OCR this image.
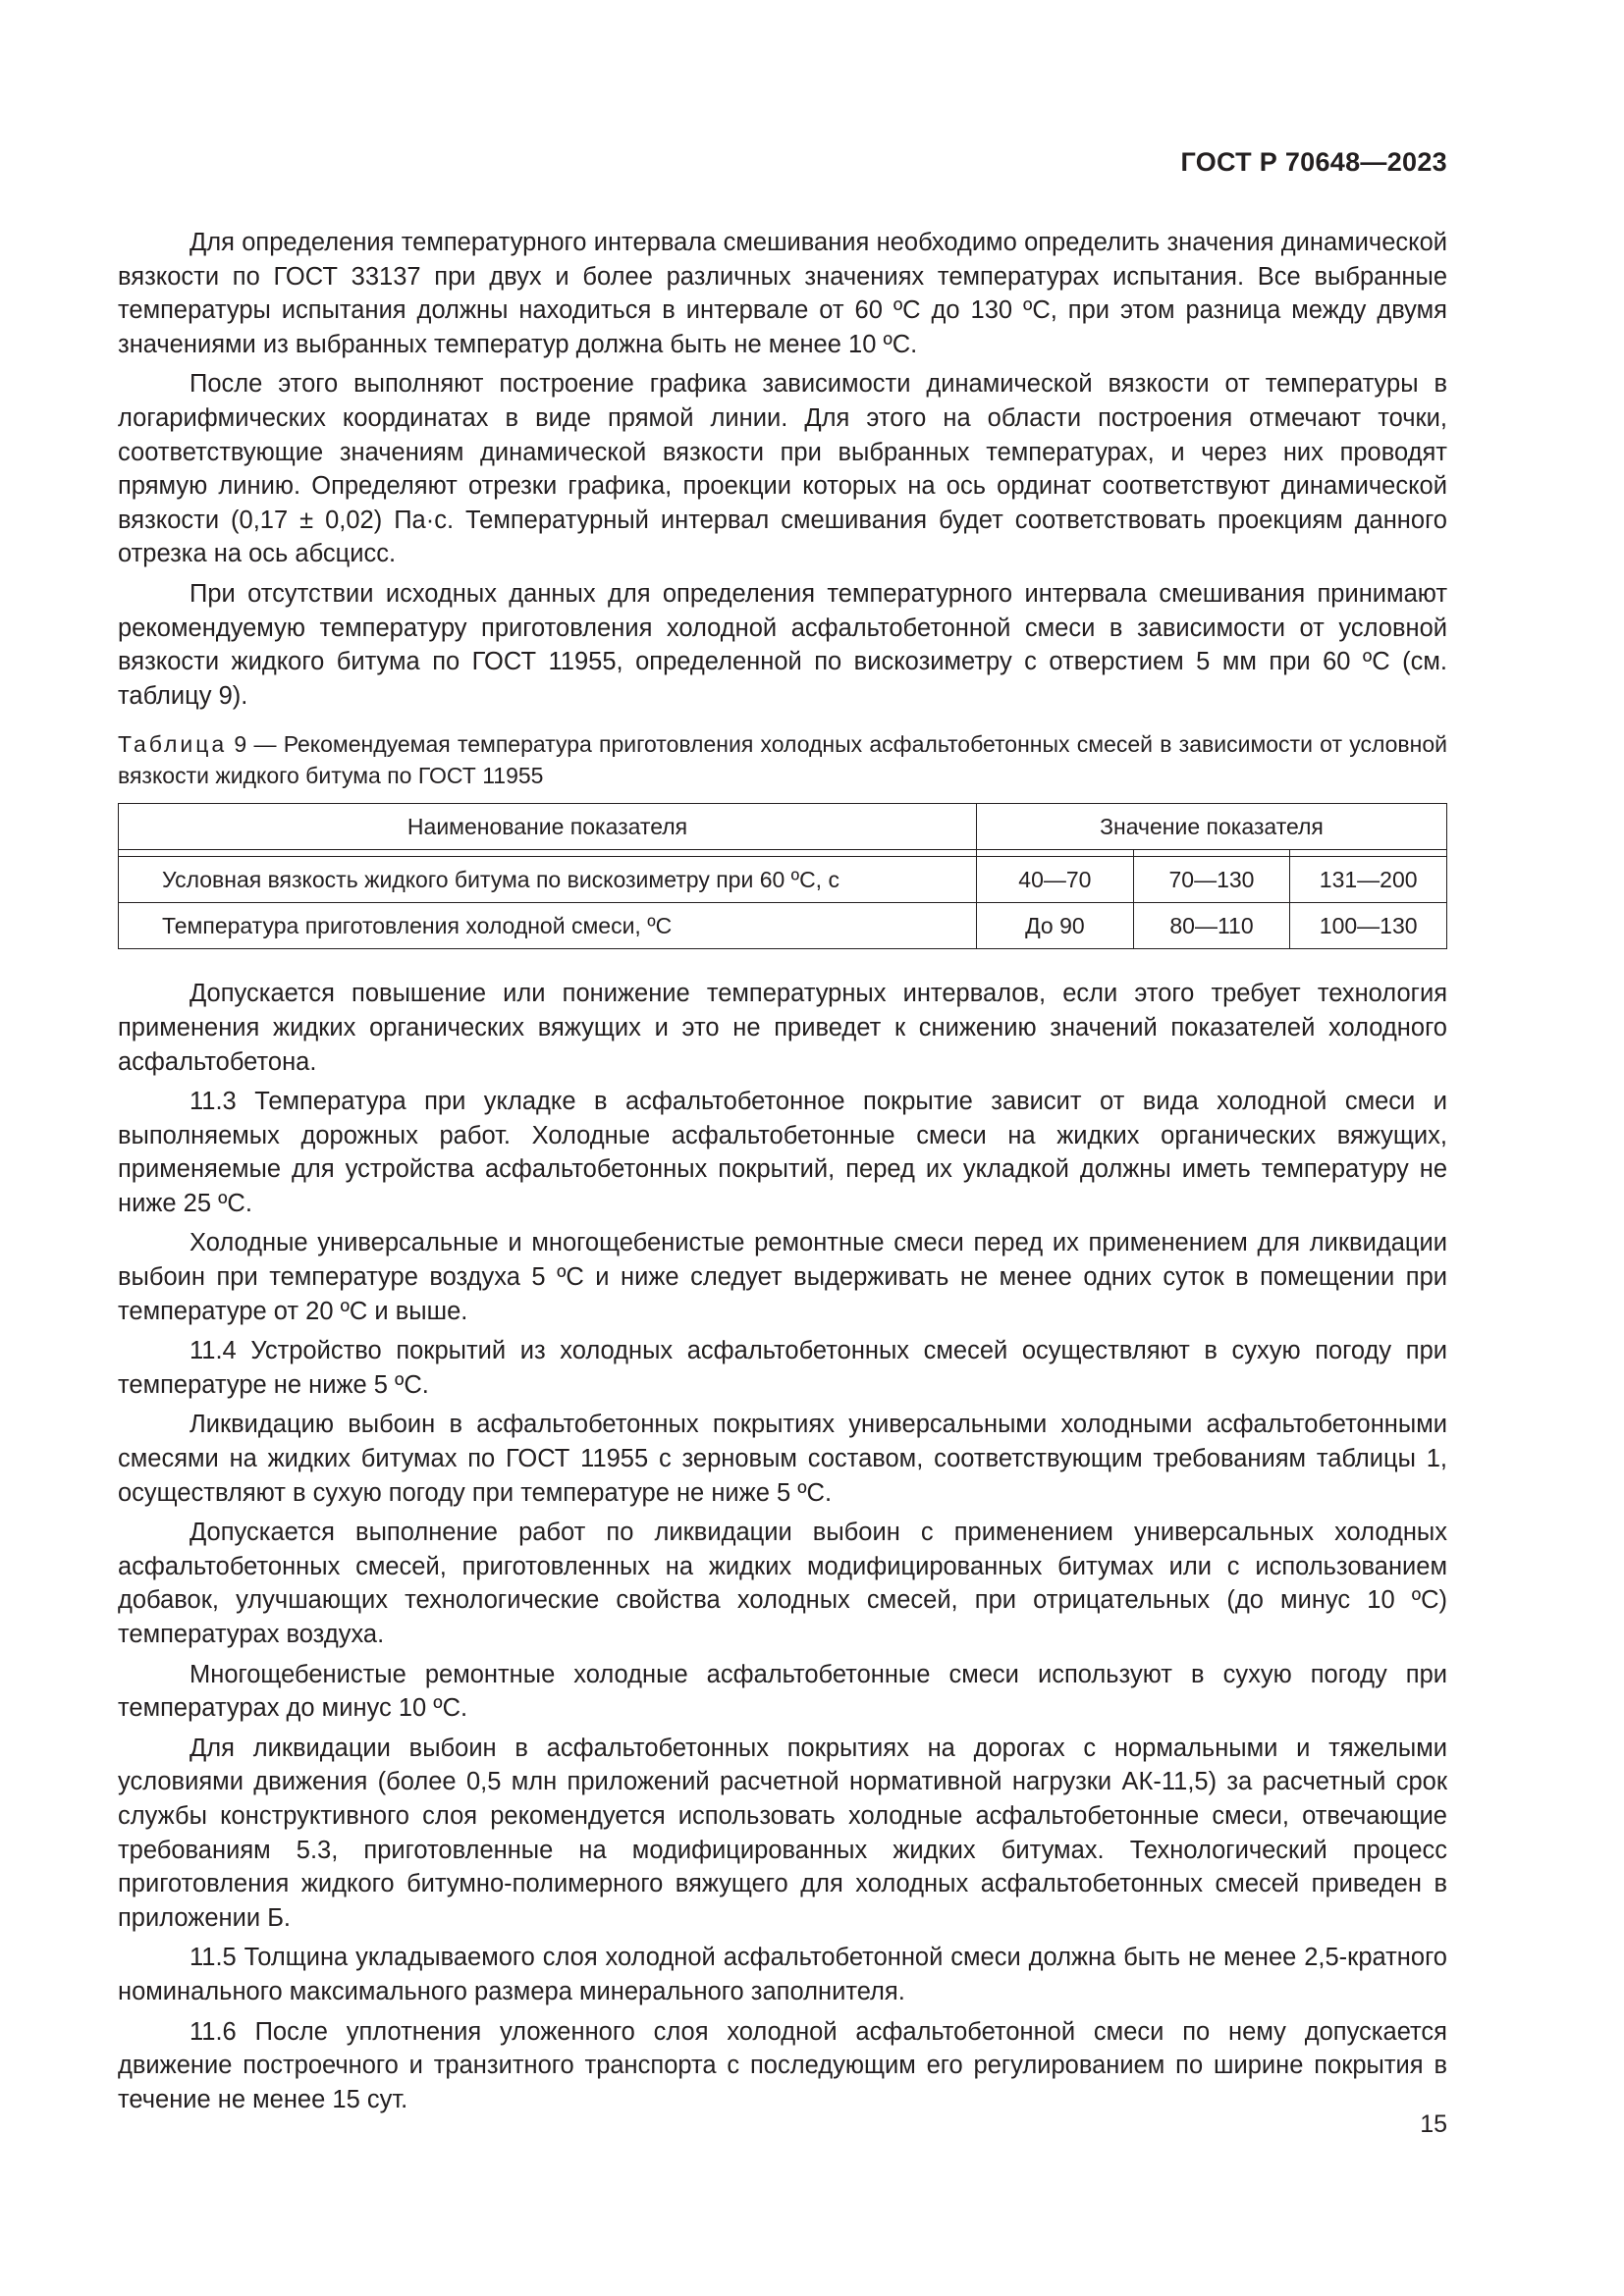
ГОСТ Р 70648—2023

Для определения температурного интервала смешивания необходимо определить значения динамической вязкости по ГОСТ 33137 при двух и более различных значениях температурах испытания. Все выбранные температуры испытания должны находиться в интервале от 60 ºС до 130 ºС, при этом разница между двумя значениями из выбранных температур должна быть не менее 10 ºС.

После этого выполняют построение графика зависимости динамической вязкости от температуры в логарифмических координатах в виде прямой линии. Для этого на области построения отмечают точки, соответствующие значениям динамической вязкости при выбранных температурах, и через них проводят прямую линию. Определяют отрезки графика, проекции которых на ось ординат соответствуют динамической вязкости (0,17 ± 0,02) Па·с. Температурный интервал смешивания будет соответствовать проекциям данного отрезка на ось абсцисс.

При отсутствии исходных данных для определения температурного интервала смешивания принимают рекомендуемую температуру приготовления холодной асфальтобетонной смеси в зависимости от условной вязкости жидкого битума по ГОСТ 11955, определенной по вискозиметру с отверстием 5 мм при 60 ºС (см. таблицу 9).

Таблица 9 — Рекомендуемая температура приготовления холодных асфальтобетонных смесей в зависимости от условной вязкости жидкого битума по ГОСТ 11955
Наименование показателя	Значение показателя		

Условная вязкость жидкого битума по вискозиметру при 60 ºС, с	40—70	70—130	131—200
Температура приготовления холодной смеси, ºС	До 90	80—110	100—130

Допускается повышение или понижение температурных интервалов, если этого требует технология применения жидких органических вяжущих и это не приведет к снижению значений показателей холодного асфальтобетона.

11.3 Температура при укладке в асфальтобетонное покрытие зависит от вида холодной смеси и выполняемых дорожных работ. Холодные асфальтобетонные смеси на жидких органических вяжущих, применяемые для устройства асфальтобетонных покрытий, перед их укладкой должны иметь температуру не ниже 25 ºС.

Холодные универсальные и многощебенистые ремонтные смеси перед их применением для ликвидации выбоин при температуре воздуха 5 ºС и ниже следует выдерживать не менее одних суток в помещении при температуре от 20 ºС и выше.

11.4 Устройство покрытий из холодных асфальтобетонных смесей осуществляют в сухую погоду при температуре не ниже 5 ºС.

Ликвидацию выбоин в асфальтобетонных покрытиях универсальными холодными асфальтобетонными смесями на жидких битумах по ГОСТ 11955 с зерновым составом, соответствующим требованиям таблицы 1, осуществляют в сухую погоду при температуре не ниже 5 ºС.

Допускается выполнение работ по ликвидации выбоин с применением универсальных холодных асфальтобетонных смесей, приготовленных на жидких модифицированных битумах или с использованием добавок, улучшающих технологические свойства холодных смесей, при отрицательных (до минус 10 ºС) температурах воздуха.

Многощебенистые ремонтные холодные асфальтобетонные смеси используют в сухую погоду при температурах до минус 10 ºС.

Для ликвидации выбоин в асфальтобетонных покрытиях на дорогах с нормальными и тяжелыми условиями движения (более 0,5 млн приложений расчетной нормативной нагрузки АК-11,5) за расчетный срок службы конструктивного слоя рекомендуется использовать холодные асфальтобетонные смеси, отвечающие требованиям 5.3, приготовленные на модифицированных жидких битумах. Технологический процесс приготовления жидкого битумно-полимерного вяжущего для холодных асфальтобетонных смесей приведен в приложении Б.

11.5 Толщина укладываемого слоя холодной асфальтобетонной смеси должна быть не менее 2,5-кратного номинального максимального размера минерального заполнителя.

11.6 После уплотнения уложенного слоя холодной асфальтобетонной смеси по нему допускается движение построечного и транзитного транспорта с последующим его регулированием по ширине покрытия в течение не менее 15 сут.

15
